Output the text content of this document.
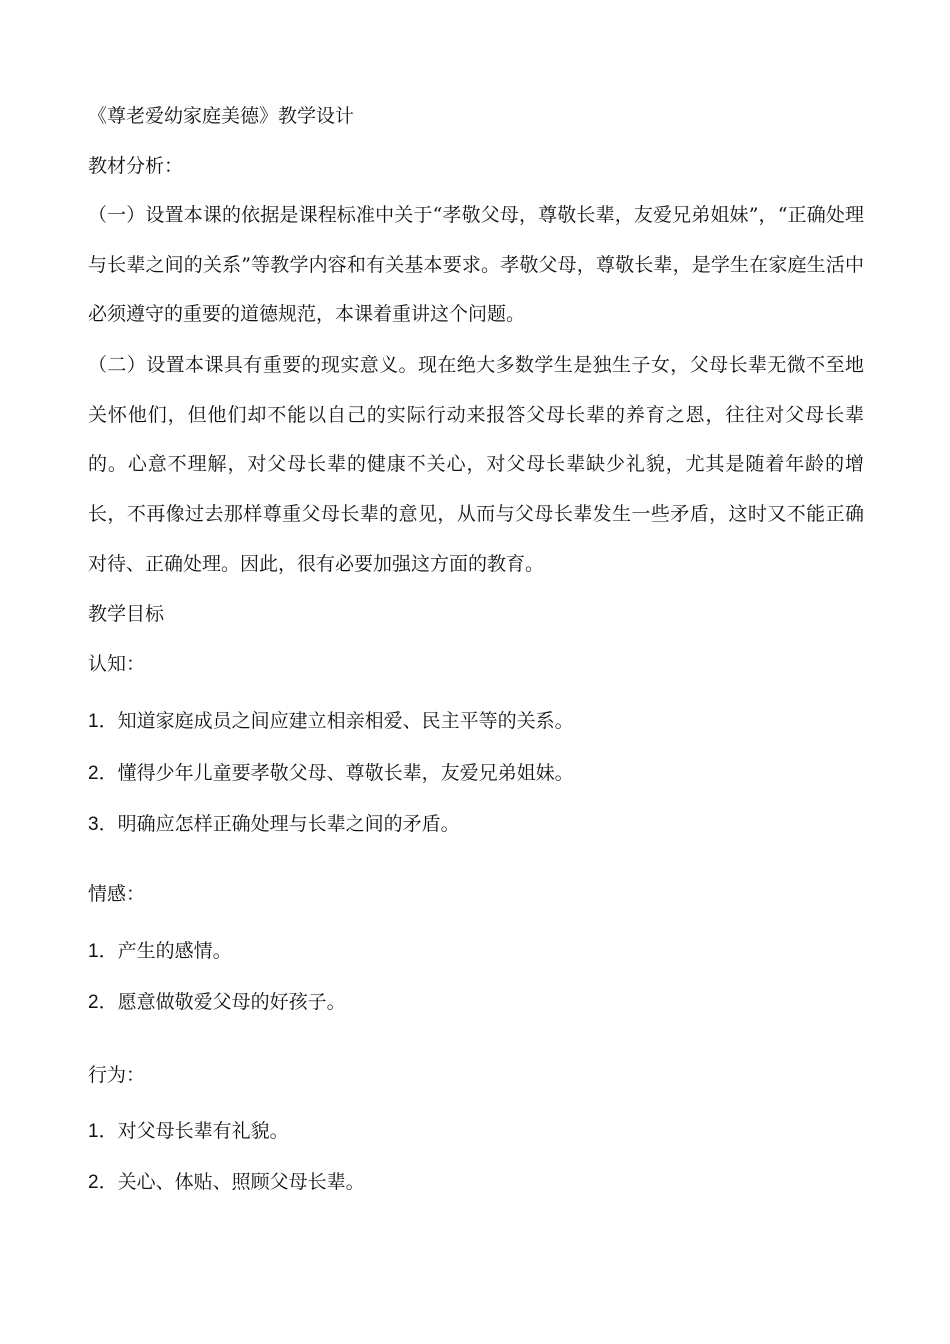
《尊老爱幼家庭美德》教学设计
教材分析：
（一）设置本课的依据是课程标准中关于“孝敬父母，尊敬长辈，友爱兄弟姐妹”，“正确处理与长辈之间的关系”等教学内容和有关基本要求。孝敬父母，尊敬长辈，是学生在家庭生活中必须遵守的重要的道德规范，本课着重讲这个问题。
（二）设置本课具有重要的现实意义。现在绝大多数学生是独生子女，父母长辈无微不至地关怀他们，但他们却不能以自己的实际行动来报答父母长辈的养育之恩，往往对父母长辈的。心意不理解，对父母长辈的健康不关心，对父母长辈缺少礼貌，尤其是随着年龄的增长，不再像过去那样尊重父母长辈的意见，从而与父母长辈发生一些矛盾，这时又不能正确对待、正确处理。因此，很有必要加强这方面的教育。
教学目标
认知：
1．知道家庭成员之间应建立相亲相爱、民主平等的关系。
2．懂得少年儿童要孝敬父母、尊敬长辈，友爱兄弟姐妹。
3．明确应怎样正确处理与长辈之间的矛盾。
情感：
1．产生的感情。
2．愿意做敬爱父母的好孩子。
行为：
1．对父母长辈有礼貌。
2．关心、体贴、照顾父母长辈。
